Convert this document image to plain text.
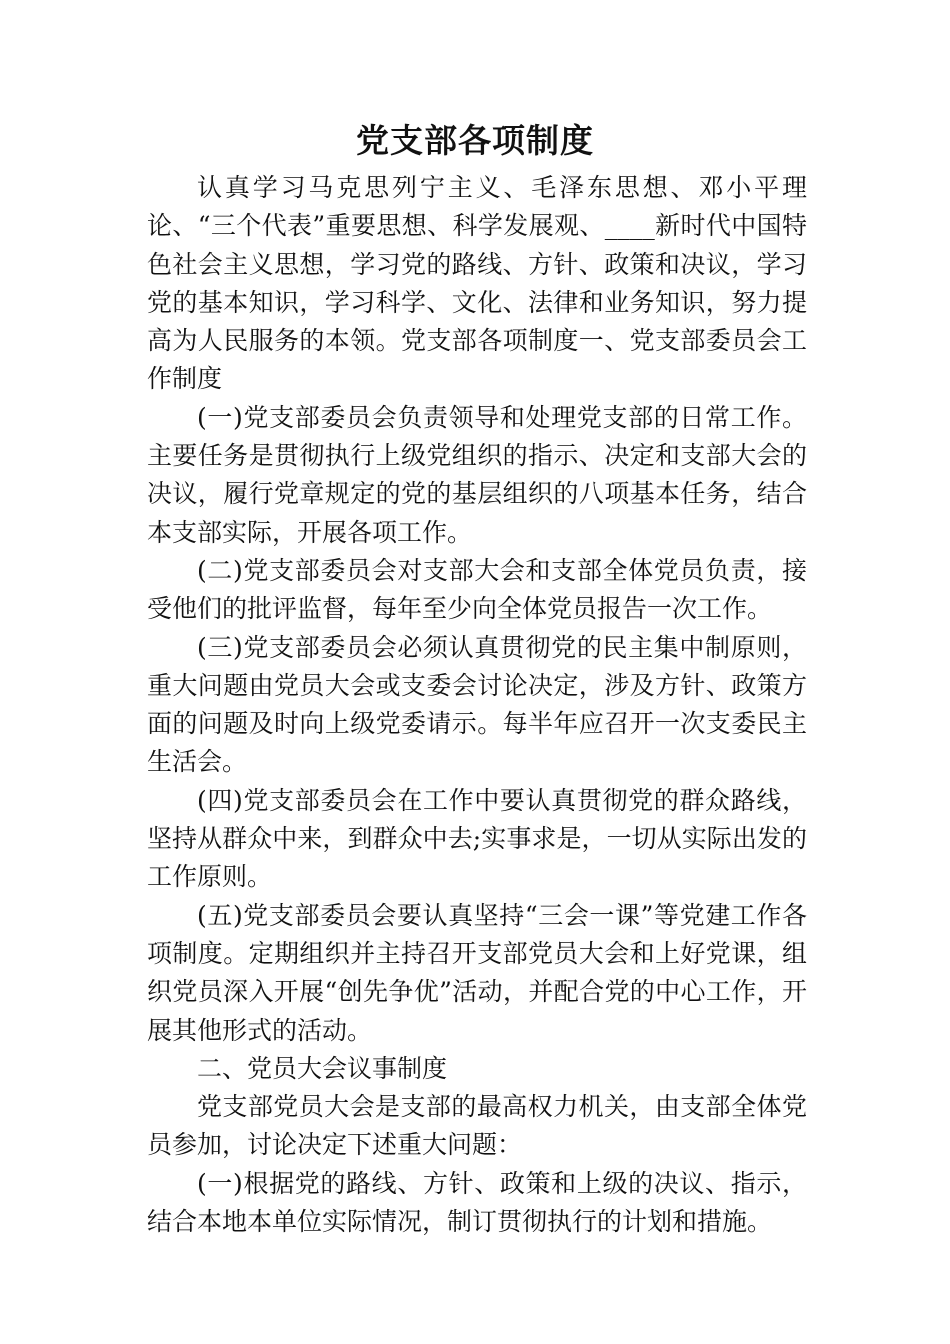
党支部各项制度

认真学习马克思列宁主义、毛泽东思想、邓小平理论、“三个代表”重要思想、科学发展观、____新时代中国特色社会主义思想，学习党的路线、方针、政策和决议，学习党的基本知识，学习科学、文化、法律和业务知识，努力提高为人民服务的本领。党支部各项制度一、党支部委员会工作制度

(一)党支部委员会负责领导和处理党支部的日常工作。主要任务是贯彻执行上级党组织的指示、决定和支部大会的决议，履行党章规定的党的基层组织的八项基本任务，结合本支部实际，开展各项工作。

(二)党支部委员会对支部大会和支部全体党员负责，接受他们的批评监督，每年至少向全体党员报告一次工作。

(三)党支部委员会必须认真贯彻党的民主集中制原则，重大问题由党员大会或支委会讨论决定，涉及方针、政策方面的问题及时向上级党委请示。每半年应召开一次支委民主生活会。

(四)党支部委员会在工作中要认真贯彻党的群众路线，坚持从群众中来，到群众中去;实事求是，一切从实际出发的工作原则。

(五)党支部委员会要认真坚持“三会一课”等党建工作各项制度。定期组织并主持召开支部党员大会和上好党课，组织党员深入开展“创先争优”活动，并配合党的中心工作，开展其他形式的活动。

二、党员大会议事制度

党支部党员大会是支部的最高权力机关，由支部全体党员参加，讨论决定下述重大问题：

(一)根据党的路线、方针、政策和上级的决议、指示，结合本地本单位实际情况，制订贯彻执行的计划和措施。
